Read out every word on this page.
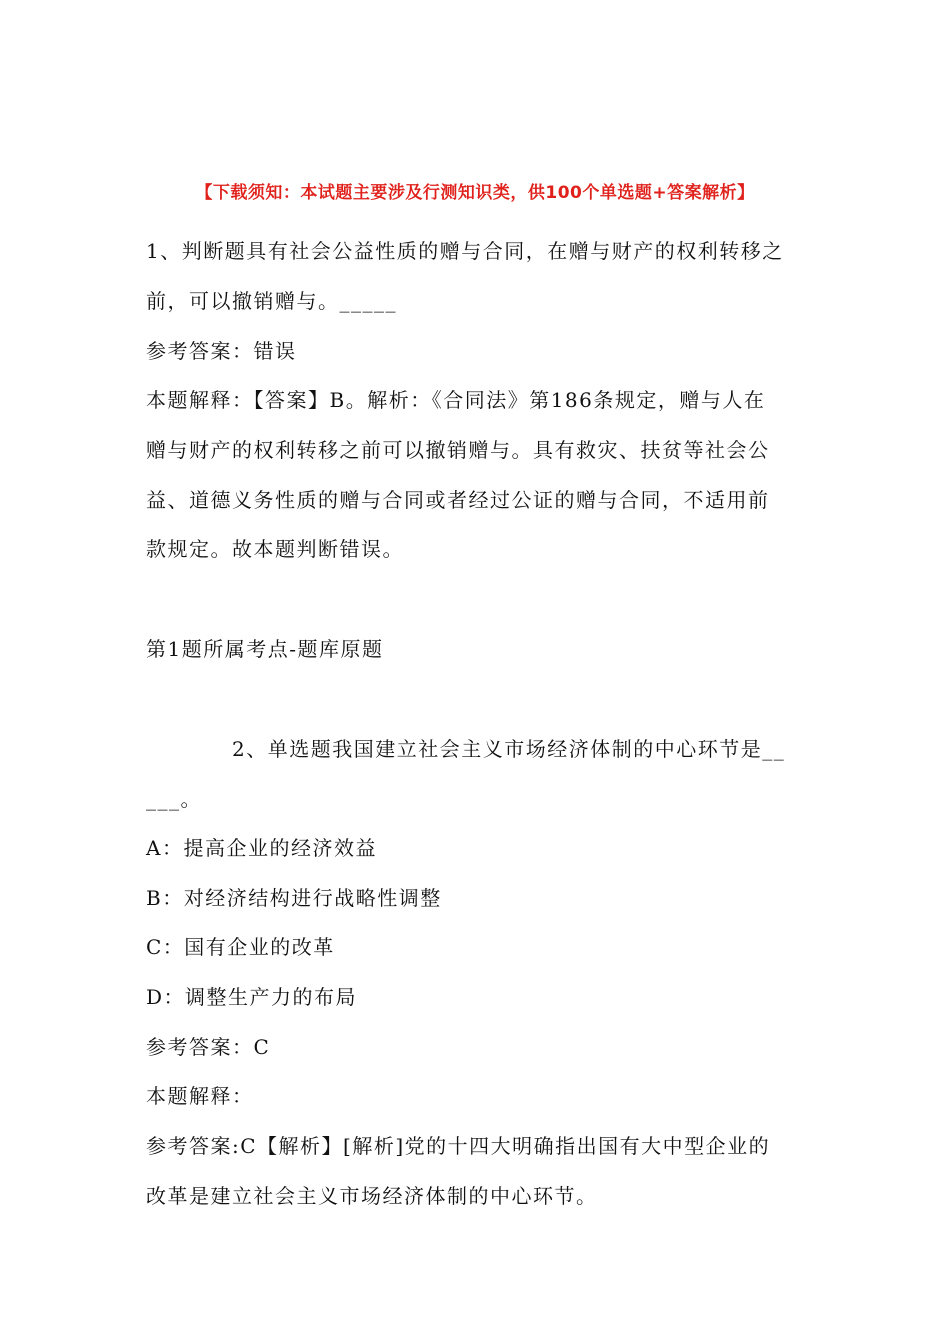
【下载须知：本试题主要涉及行测知识类，供100个单选题+答案解析】
1、判断题具有社会公益性质的赠与合同，在赠与财产的权利转移之
前，可以撤销赠与。_____
参考答案：错误
本题解释：【答案】B。解析：《合同法》第186条规定，赠与人在
赠与财产的权利转移之前可以撤销赠与。具有救灾、扶贫等社会公
益、道德义务性质的赠与合同或者经过公证的赠与合同，不适用前
款规定。故本题判断错误。
第1题所属考点-题库原题
2、单选题我国建立社会主义市场经济体制的中心环节是__
___。
A：提高企业的经济效益
B：对经济结构进行战略性调整
C：国有企业的改革
D：调整生产力的布局
参考答案：C
本题解释：
参考答案:C【解析】[解析]党的十四大明确指出国有大中型企业的
改革是建立社会主义市场经济体制的中心环节。
